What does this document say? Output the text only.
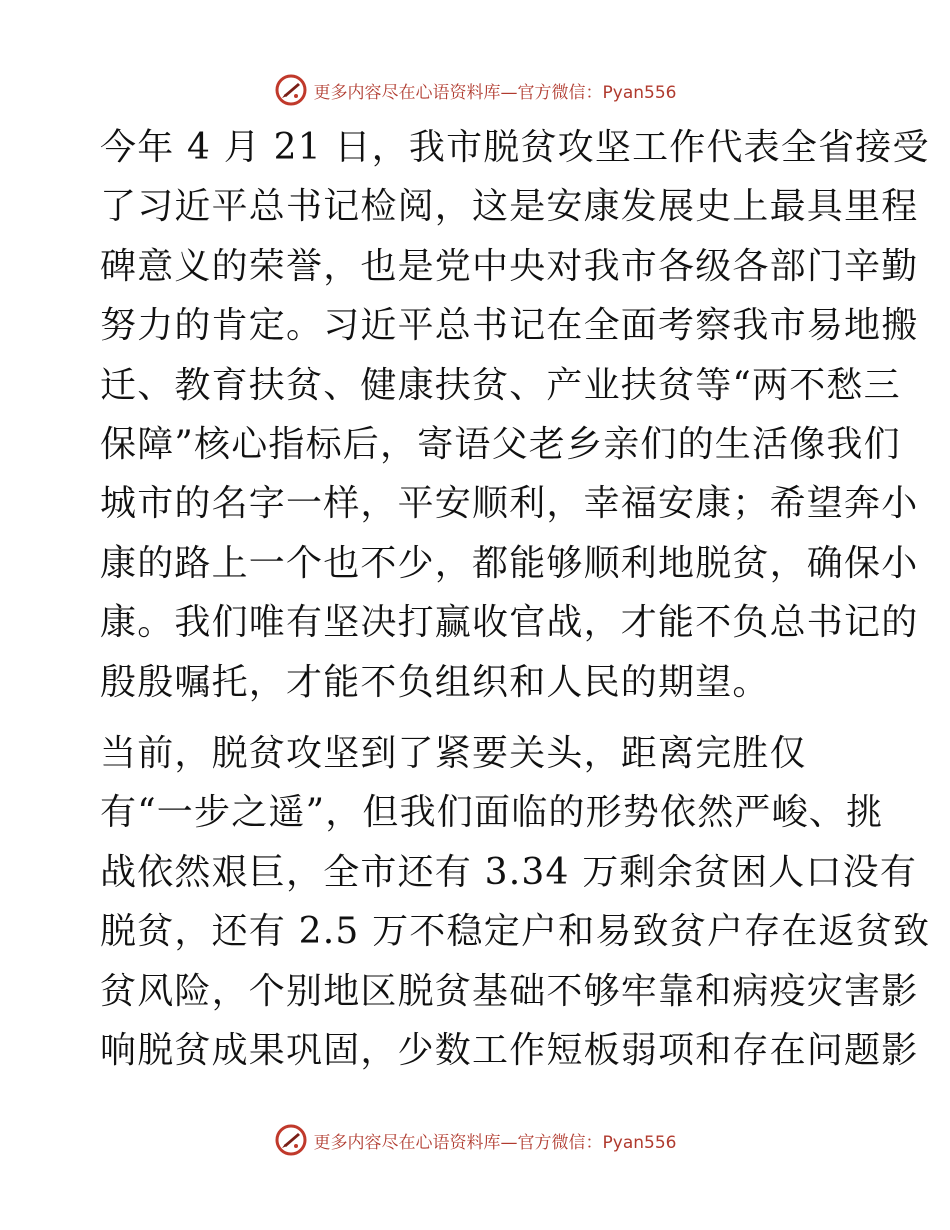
更多内容尽在心语资料库—官方微信：Pyan556

今年 4 月 21 日，我市脱贫攻坚工作代表全省接受
了习近平总书记检阅，这是安康发展史上最具里程
碑意义的荣誉，也是党中央对我市各级各部门辛勤
努力的肯定。习近平总书记在全面考察我市易地搬
迁、教育扶贫、健康扶贫、产业扶贫等“两不愁三
保障”核心指标后，寄语父老乡亲们的生活像我们
城市的名字一样，平安顺利，幸福安康；希望奔小
康的路上一个也不少，都能够顺利地脱贫，确保小
康。我们唯有坚决打赢收官战，才能不负总书记的
殷殷嘱托，才能不负组织和人民的期望。

当前，脱贫攻坚到了紧要关头，距离完胜仅
有“一步之遥”，但我们面临的形势依然严峻、挑
战依然艰巨，全市还有 3.34 万剩余贫困人口没有
脱贫，还有 2.5 万不稳定户和易致贫户存在返贫致
贫风险，个别地区脱贫基础不够牢靠和病疫灾害影
响脱贫成果巩固，少数工作短板弱项和存在问题影

更多内容尽在心语资料库—官方微信：Pyan556
